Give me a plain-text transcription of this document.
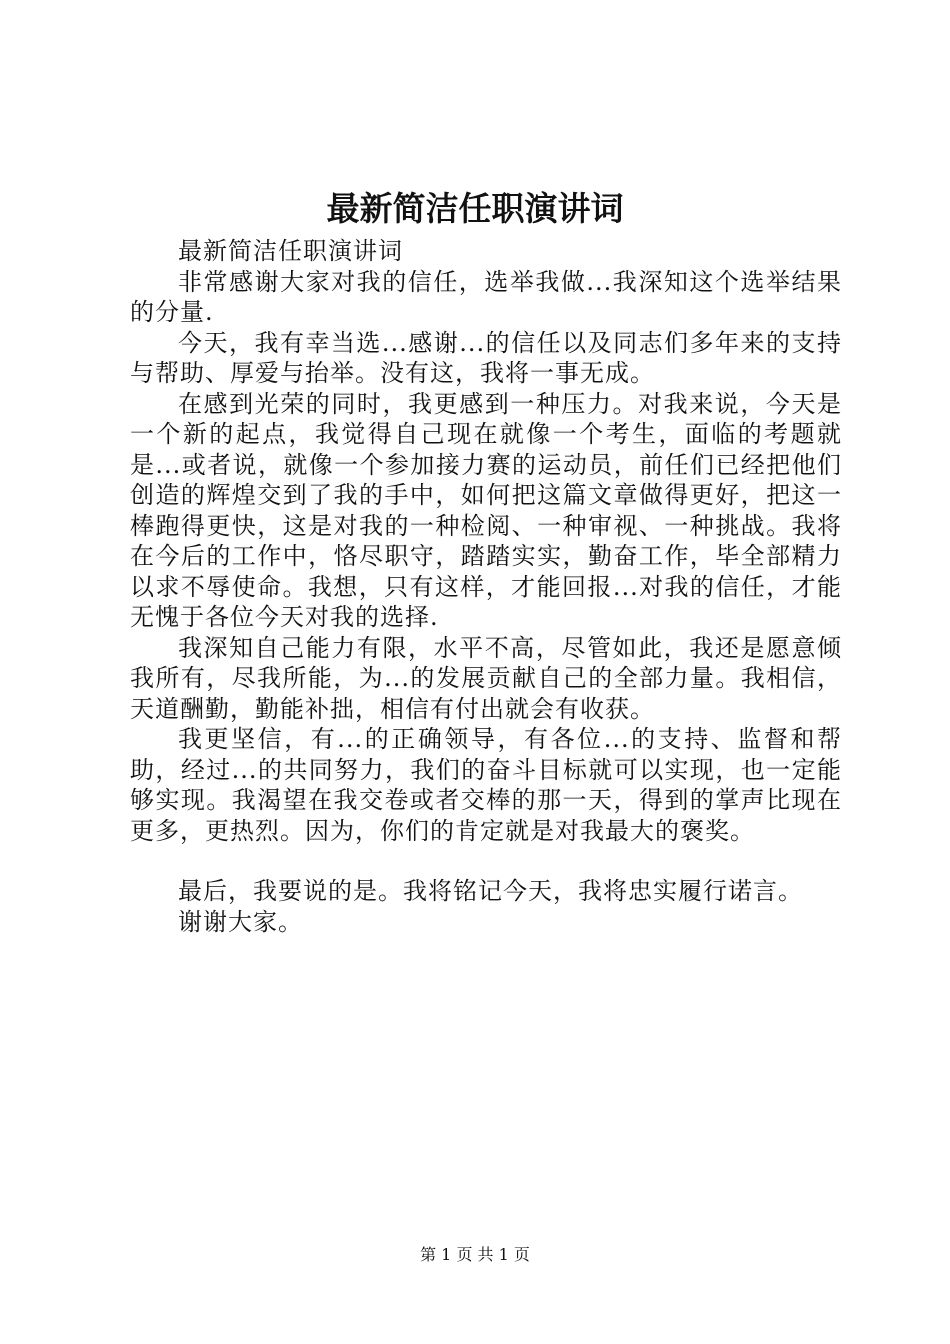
最新简洁任职演讲词

最新简洁任职演讲词

非常感谢大家对我的信任，选举我做...我深知这个选举结果的分量.

今天，我有幸当选...感谢...的信任以及同志们多年来的支持与帮助、厚爱与抬举。没有这，我将一事无成。

在感到光荣的同时，我更感到一种压力。对我来说，今天是一个新的起点，我觉得自己现在就像一个考生，面临的考题就是...或者说，就像一个参加接力赛的运动员，前任们已经把他们创造的辉煌交到了我的手中，如何把这篇文章做得更好，把这一棒跑得更快，这是对我的一种检阅、一种审视、一种挑战。我将在今后的工作中，恪尽职守，踏踏实实，勤奋工作，毕全部精力以求不辱使命。我想，只有这样，才能回报...对我的信任，才能无愧于各位今天对我的选择.

我深知自己能力有限，水平不高，尽管如此，我还是愿意倾我所有，尽我所能，为...的发展贡献自己的全部力量。我相信，天道酬勤，勤能补拙，相信有付出就会有收获。

我更坚信，有...的正确领导，有各位...的支持、监督和帮助，经过...的共同努力，我们的奋斗目标就可以实现，也一定能够实现。我渴望在我交卷或者交棒的那一天，得到的掌声比现在更多，更热烈。因为，你们的肯定就是对我最大的褒奖。

最后，我要说的是。我将铭记今天，我将忠实履行诺言。

谢谢大家。

第 1 页 共 1 页
